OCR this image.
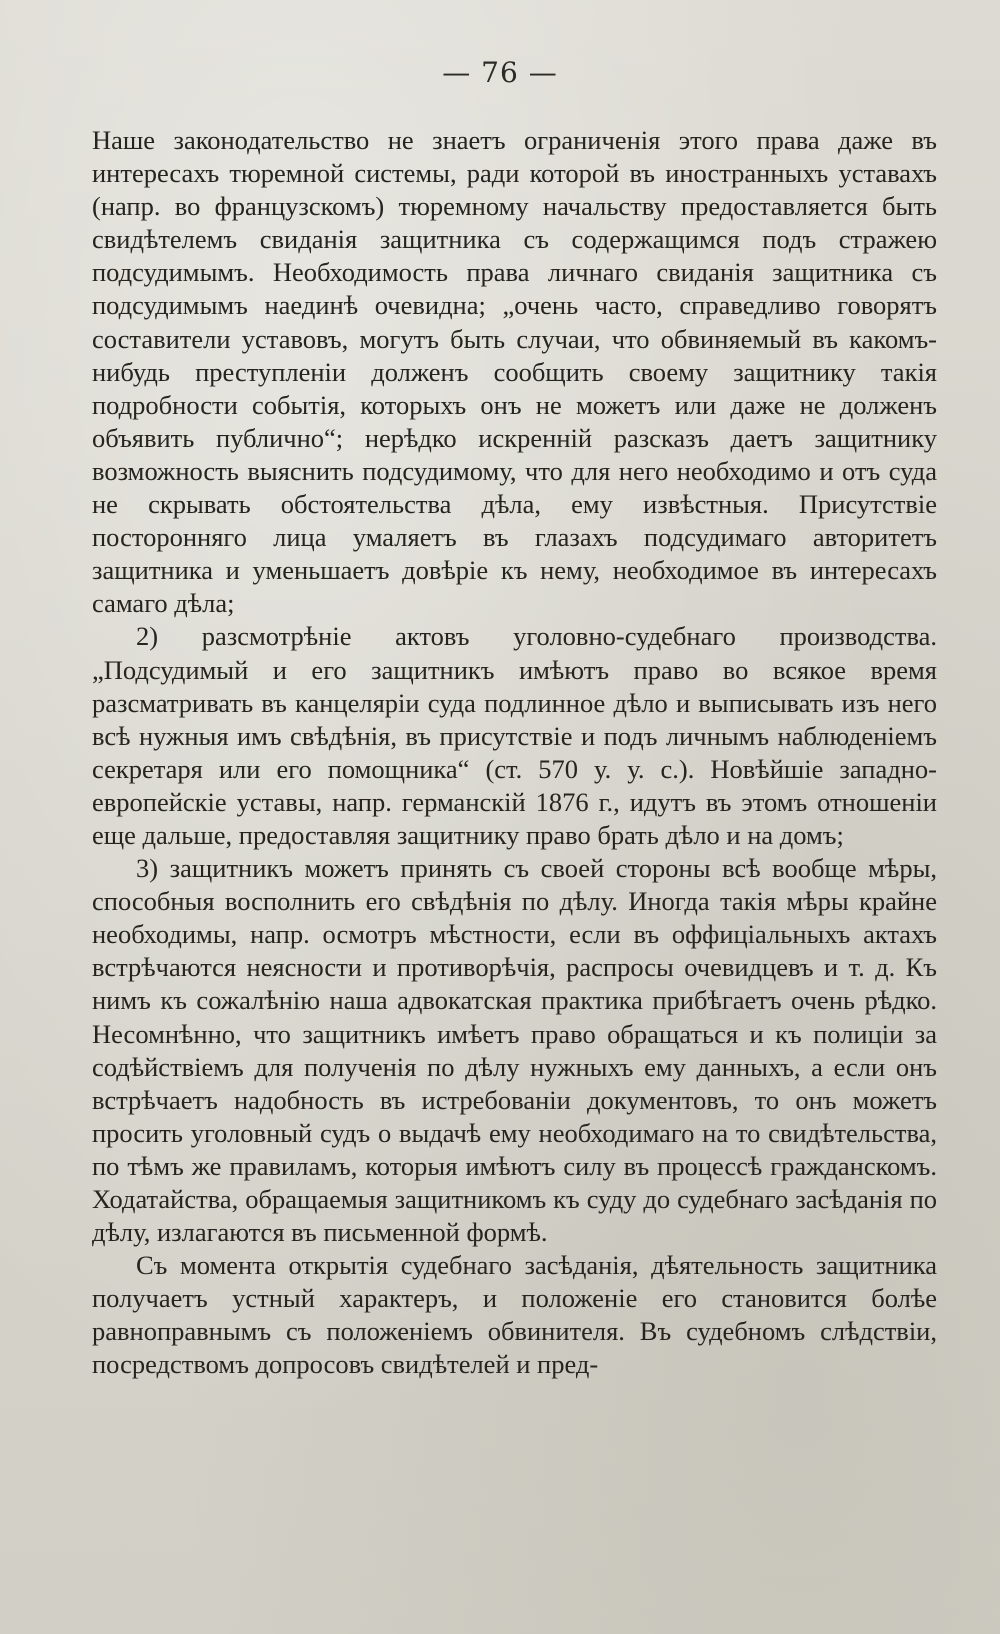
— 76 —

Наше законодательство не знаетъ ограниченія этого права даже въ интересахъ тюремной системы, ради которой въ иностранныхъ уставахъ (напр. во французскомъ) тюремному начальству предоставляется быть свидѣтелемъ свиданія защитника съ содержащимся подъ стражею подсудимымъ. Необходимость права личнаго свиданія защитника съ подсудимымъ наединѣ очевидна; „очень часто, справедливо говорятъ составители уставовъ, могутъ быть случаи, что обвиняемый въ какомъ-нибудь преступленіи долженъ сообщить своему защитнику такія подробности событія, которыхъ онъ не можетъ или даже не долженъ объявить публично“; нерѣдко искренній разсказъ даетъ защитнику возможность выяснить подсудимому, что для него необходимо и отъ суда не скрывать обстоятельства дѣла, ему извѣстныя. Присутствіе посторонняго лица умаляетъ въ глазахъ подсудимаго авторитетъ защитника и уменьшаетъ довѣріе къ нему, необходимое въ интересахъ самаго дѣла;

2) разсмотрѣніе актовъ уголовно-судебнаго производства. „Подсудимый и его защитникъ имѣютъ право во всякое время разсматривать въ канцеляріи суда подлинное дѣло и выписывать изъ него всѣ нужныя имъ свѣдѣнія, въ присутствіе и подъ личнымъ наблюденіемъ секретаря или его помощника“ (ст. 570 у. у. с.). Новѣйшіе западно-европейскіе уставы, напр. германскій 1876 г., идутъ въ этомъ отношеніи еще дальше, предоставляя защитнику право брать дѣло и на домъ;

3) защитникъ можетъ принять съ своей стороны всѣ вообще мѣры, способныя восполнить его свѣдѣнія по дѣлу. Иногда такія мѣры крайне необходимы, напр. осмотръ мѣстности, если въ оффиціальныхъ актахъ встрѣчаются неясности и противорѣчія, распросы очевидцевъ и т. д. Къ нимъ къ сожалѣнію наша адвокатская практика прибѣгаетъ очень рѣдко. Несомнѣнно, что защитникъ имѣетъ право обращаться и къ полиціи за содѣйствіемъ для полученія по дѣлу нужныхъ ему данныхъ, а если онъ встрѣчаетъ надобность въ истребованіи документовъ, то онъ можетъ просить уголовный судъ о выдачѣ ему необходимаго на то свидѣтельства, по тѣмъ же правиламъ, которыя имѣютъ силу въ процессѣ гражданскомъ. Ходатайства, обращаемыя защитникомъ къ суду до судебнаго засѣданія по дѣлу, излагаются въ письменной формѣ.

Съ момента открытія судебнаго засѣданія, дѣятельность защитника получаетъ устный характеръ, и положеніе его становится болѣе равноправнымъ съ положеніемъ обвинителя. Въ судебномъ слѣдствіи, посредствомъ допросовъ свидѣтелей и пред-
